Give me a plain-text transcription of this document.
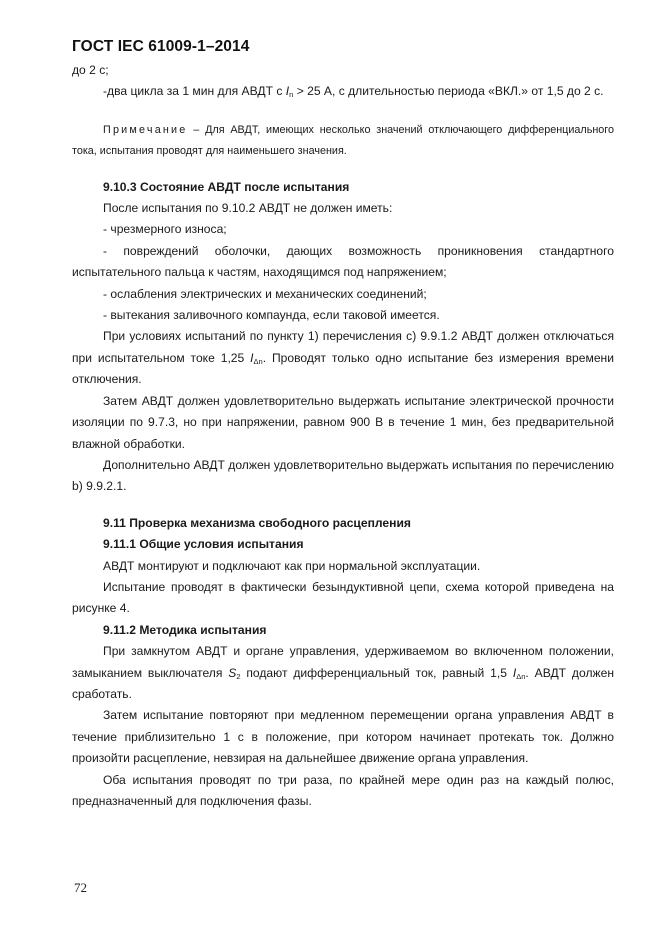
ГОСТ IEC 61009-1–2014

до 2 с;

-два цикла за 1 мин для АВДТ с $I_n > 25$ А, с длительностью периода «ВКЛ.» от 1,5 до 2 с.

Примечание – Для АВДТ, имеющих несколько значений отключающего дифференциального тока, испытания проводят для наименьшего значения.

9.10.3 Состояние АВДТ после испытания

После испытания по 9.10.2 АВДТ не должен иметь:

- чрезмерного износа;

- повреждений оболочки, дающих возможность проникновения стандартного испытательного пальца к частям, находящимся под напряжением;

- ослабления электрических и механических соединений;

- вытекания заливочного компаунда, если таковой имеется.

При условиях испытаний по пункту 1) перечисления с) 9.9.1.2 АВДТ должен отключаться при испытательном токе 1,25 $I_{\Delta n}$. Проводят только одно испытание без измерения времени отключения.

Затем АВДТ должен удовлетворительно выдержать испытание электрической прочности изоляции по 9.7.3, но при напряжении, равном 900 В в течение 1 мин, без предварительной влажной обработки.

Дополнительно АВДТ должен удовлетворительно выдержать испытания по перечислению b) 9.9.2.1.

9.11 Проверка механизма свободного расцепления

9.11.1 Общие условия испытания

АВДТ монтируют и подключают как при нормальной эксплуатации.

Испытание проводят в фактически безындуктивной цепи, схема которой приведена на рисунке 4.

9.11.2 Методика испытания

При замкнутом АВДТ и органе управления, удерживаемом во включенном положении, замыканием выключателя $S_2$ подают дифференциальный ток, равный 1,5 $I_{\Delta n}$. АВДТ должен сработать.

Затем испытание повторяют при медленном перемещении органа управления АВДТ в течение приблизительно 1 с в положение, при котором начинает протекать ток. Должно произойти расцепление, невзирая на дальнейшее движение органа управления.

Оба испытания проводят по три раза, по крайней мере один раз на каждый полюс, предназначенный для подключения фазы.

72
